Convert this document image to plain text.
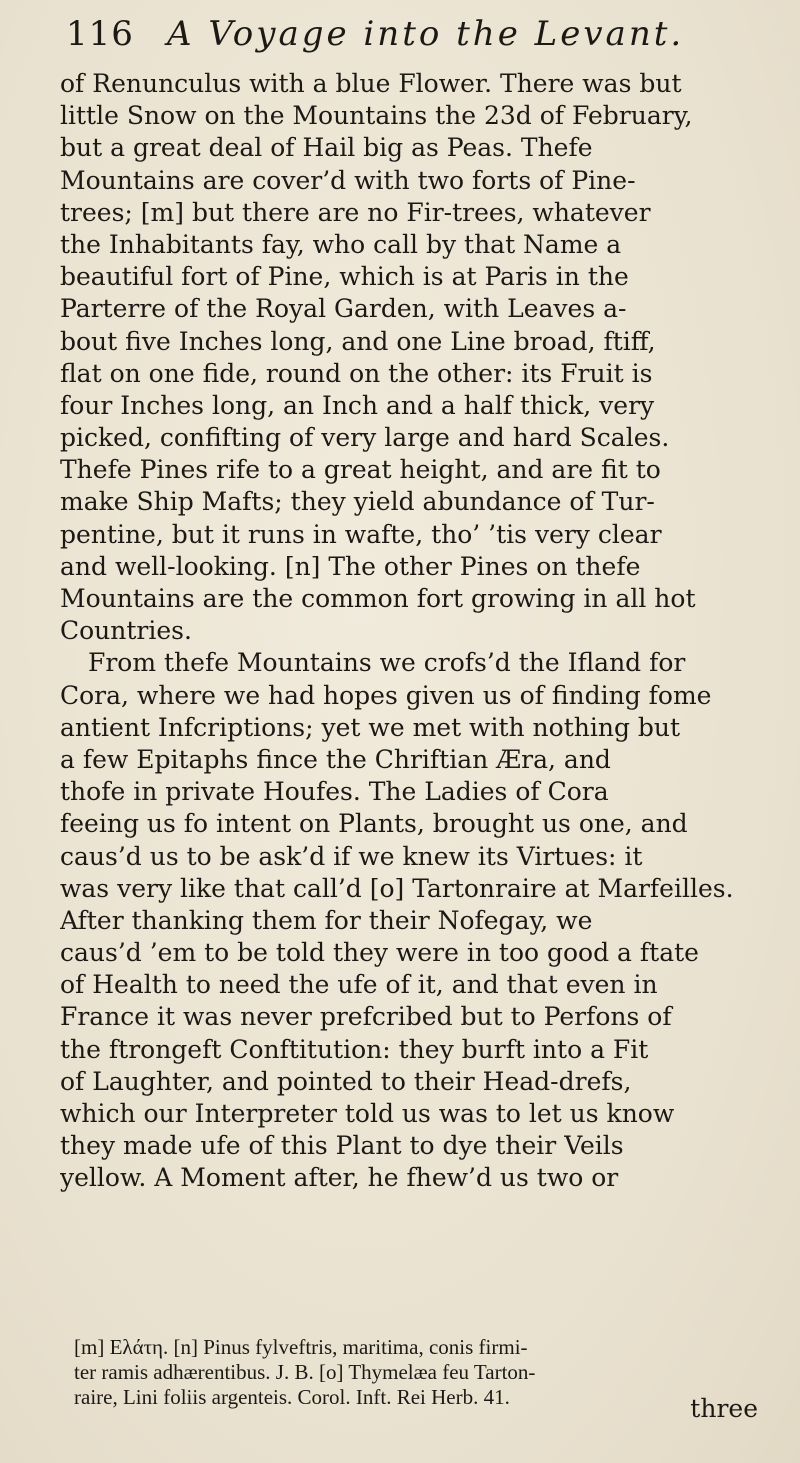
116 A Voyage into the Levant.
of Renunculus with a blue Flower. There was but
little Snow on the Mountains the 23d of February,
but a great deal of Hail big as Peas. Thefe
Mountains are cover’d with two forts of Pine-
trees; [m] but there are no Fir-trees, whatever
the Inhabitants fay, who call by that Name a
beautiful fort of Pine, which is at Paris in the
Parterre of the Royal Garden, with Leaves a-
bout five Inches long, and one Line broad, ftiff,
flat on one fide, round on the other: its Fruit is
four Inches long, an Inch and a half thick, very
picked, confifting of very large and hard Scales.
Thefe Pines rife to a great height, and are fit to
make Ship Mafts; they yield abundance of Tur-
pentine, but it runs in wafte, tho’ ’tis very clear
and well-looking. [n] The other Pines on thefe
Mountains are the common fort growing in all hot
Countries.
From thefe Mountains we crofs’d the Ifland for
Cora, where we had hopes given us of finding fome
antient Infcriptions; yet we met with nothing but
a few Epitaphs fince the Chriftian Æra, and
thofe in private Houfes. The Ladies of Cora
feeing us fo intent on Plants, brought us one, and
caus’d us to be ask’d if we knew its Virtues: it
was very like that call’d [o] Tartonraire at Marfeilles.
After thanking them for their Nofegay, we
caus’d ’em to be told they were in too good a ftate
of Health to need the ufe of it, and that even in
France it was never prefcribed but to Perfons of
the ftrongeft Conftitution: they burft into a Fit
of Laughter, and pointed to their Head-drefs,
which our Interpreter told us was to let us know
they made ufe of this Plant to dye their Veils
yellow. A Moment after, he fhew’d us two or
[m] Ελάτη. [n] Pinus fylveftris, maritima, conis firmi-
ter ramis adhærentibus. J. B. [o] Thymelæa feu Tarton-
raire, Lini foliis argenteis. Corol. Inft. Rei Herb. 41.	three
